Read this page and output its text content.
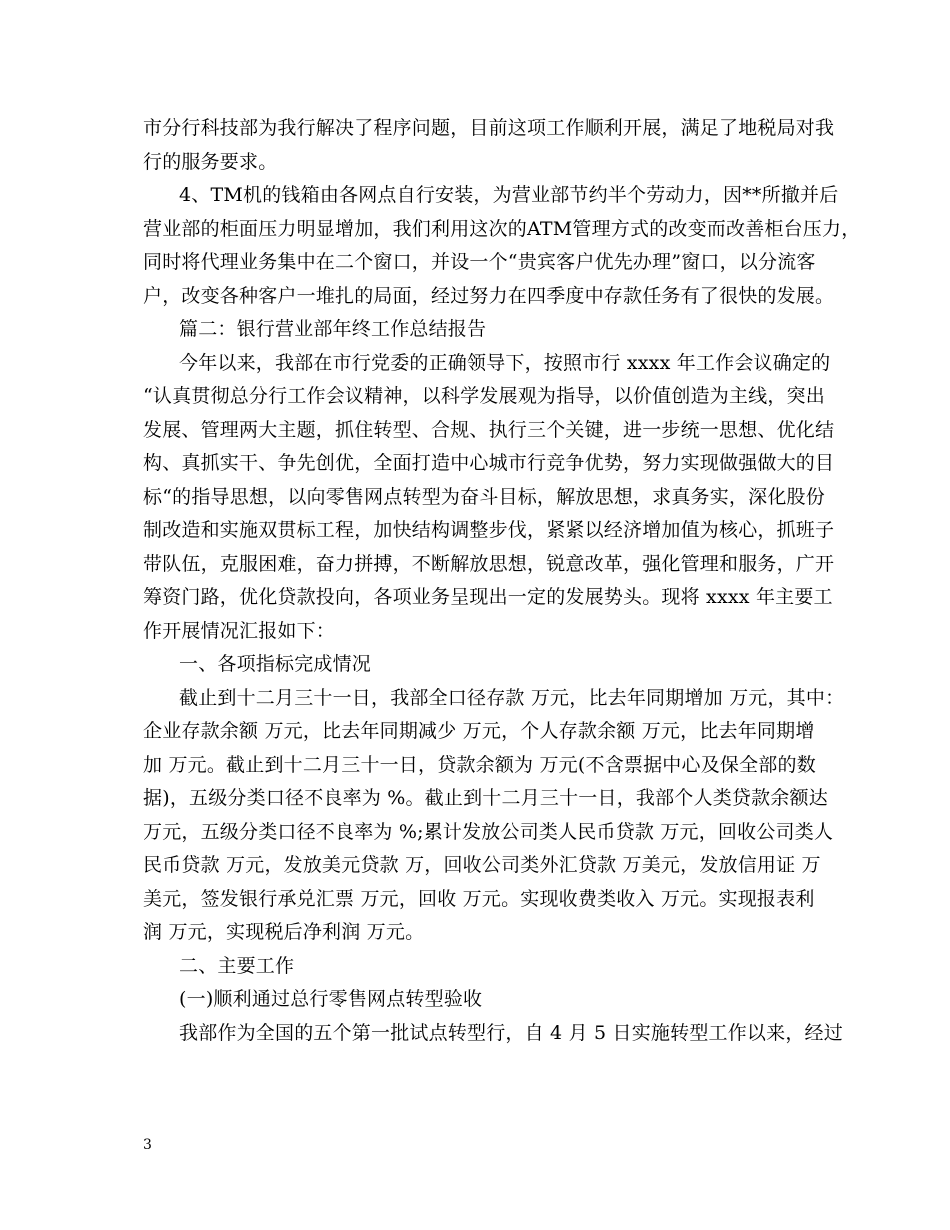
市分行科技部为我行解决了程序问题，目前这项工作顺利开展，满足了地税局对我
行的服务要求。
4、TM机的钱箱由各网点自行安装，为营业部节约半个劳动力，因**所撤并后
营业部的柜面压力明显增加，我们利用这次的ATM管理方式的改变而改善柜台压力，
同时将代理业务集中在二个窗口，并设一个“贵宾客户优先办理”窗口，以分流客
户，改变各种客户一堆扎的局面，经过努力在四季度中存款任务有了很快的发展。
篇二：银行营业部年终工作总结报告
今年以来，我部在市行党委的正确领导下，按照市行 xxxx 年工作会议确定的
“认真贯彻总分行工作会议精神，以科学发展观为指导，以价值创造为主线，突出
发展、管理两大主题，抓住转型、合规、执行三个关键，进一步统一思想、优化结
构、真抓实干、争先创优，全面打造中心城市行竞争优势，努力实现做强做大的目
标“的指导思想，以向零售网点转型为奋斗目标，解放思想，求真务实，深化股份
制改造和实施双贯标工程，加快结构调整步伐，紧紧以经济增加值为核心，抓班子
带队伍，克服困难，奋力拼搏，不断解放思想，锐意改革，强化管理和服务，广开
筹资门路，优化贷款投向，各项业务呈现出一定的发展势头。现将 xxxx 年主要工
作开展情况汇报如下：
一、各项指标完成情况
截止到十二月三十一日，我部全口径存款 万元，比去年同期增加 万元，其中：
企业存款余额 万元，比去年同期减少 万元，个人存款余额 万元，比去年同期增
加 万元。截止到十二月三十一日，贷款余额为 万元(不含票据中心及保全部的数
据)，五级分类口径不良率为 %。截止到十二月三十一日，我部个人类贷款余额达
万元，五级分类口径不良率为 %;累计发放公司类人民币贷款 万元，回收公司类人
民币贷款 万元，发放美元贷款 万，回收公司类外汇贷款 万美元，发放信用证 万
美元，签发银行承兑汇票 万元，回收 万元。实现收费类收入 万元。实现报表利
润 万元，实现税后净利润 万元。
二、主要工作
(一)顺利通过总行零售网点转型验收
我部作为全国的五个第一批试点转型行，自 4 月 5 日实施转型工作以来，经过
3
